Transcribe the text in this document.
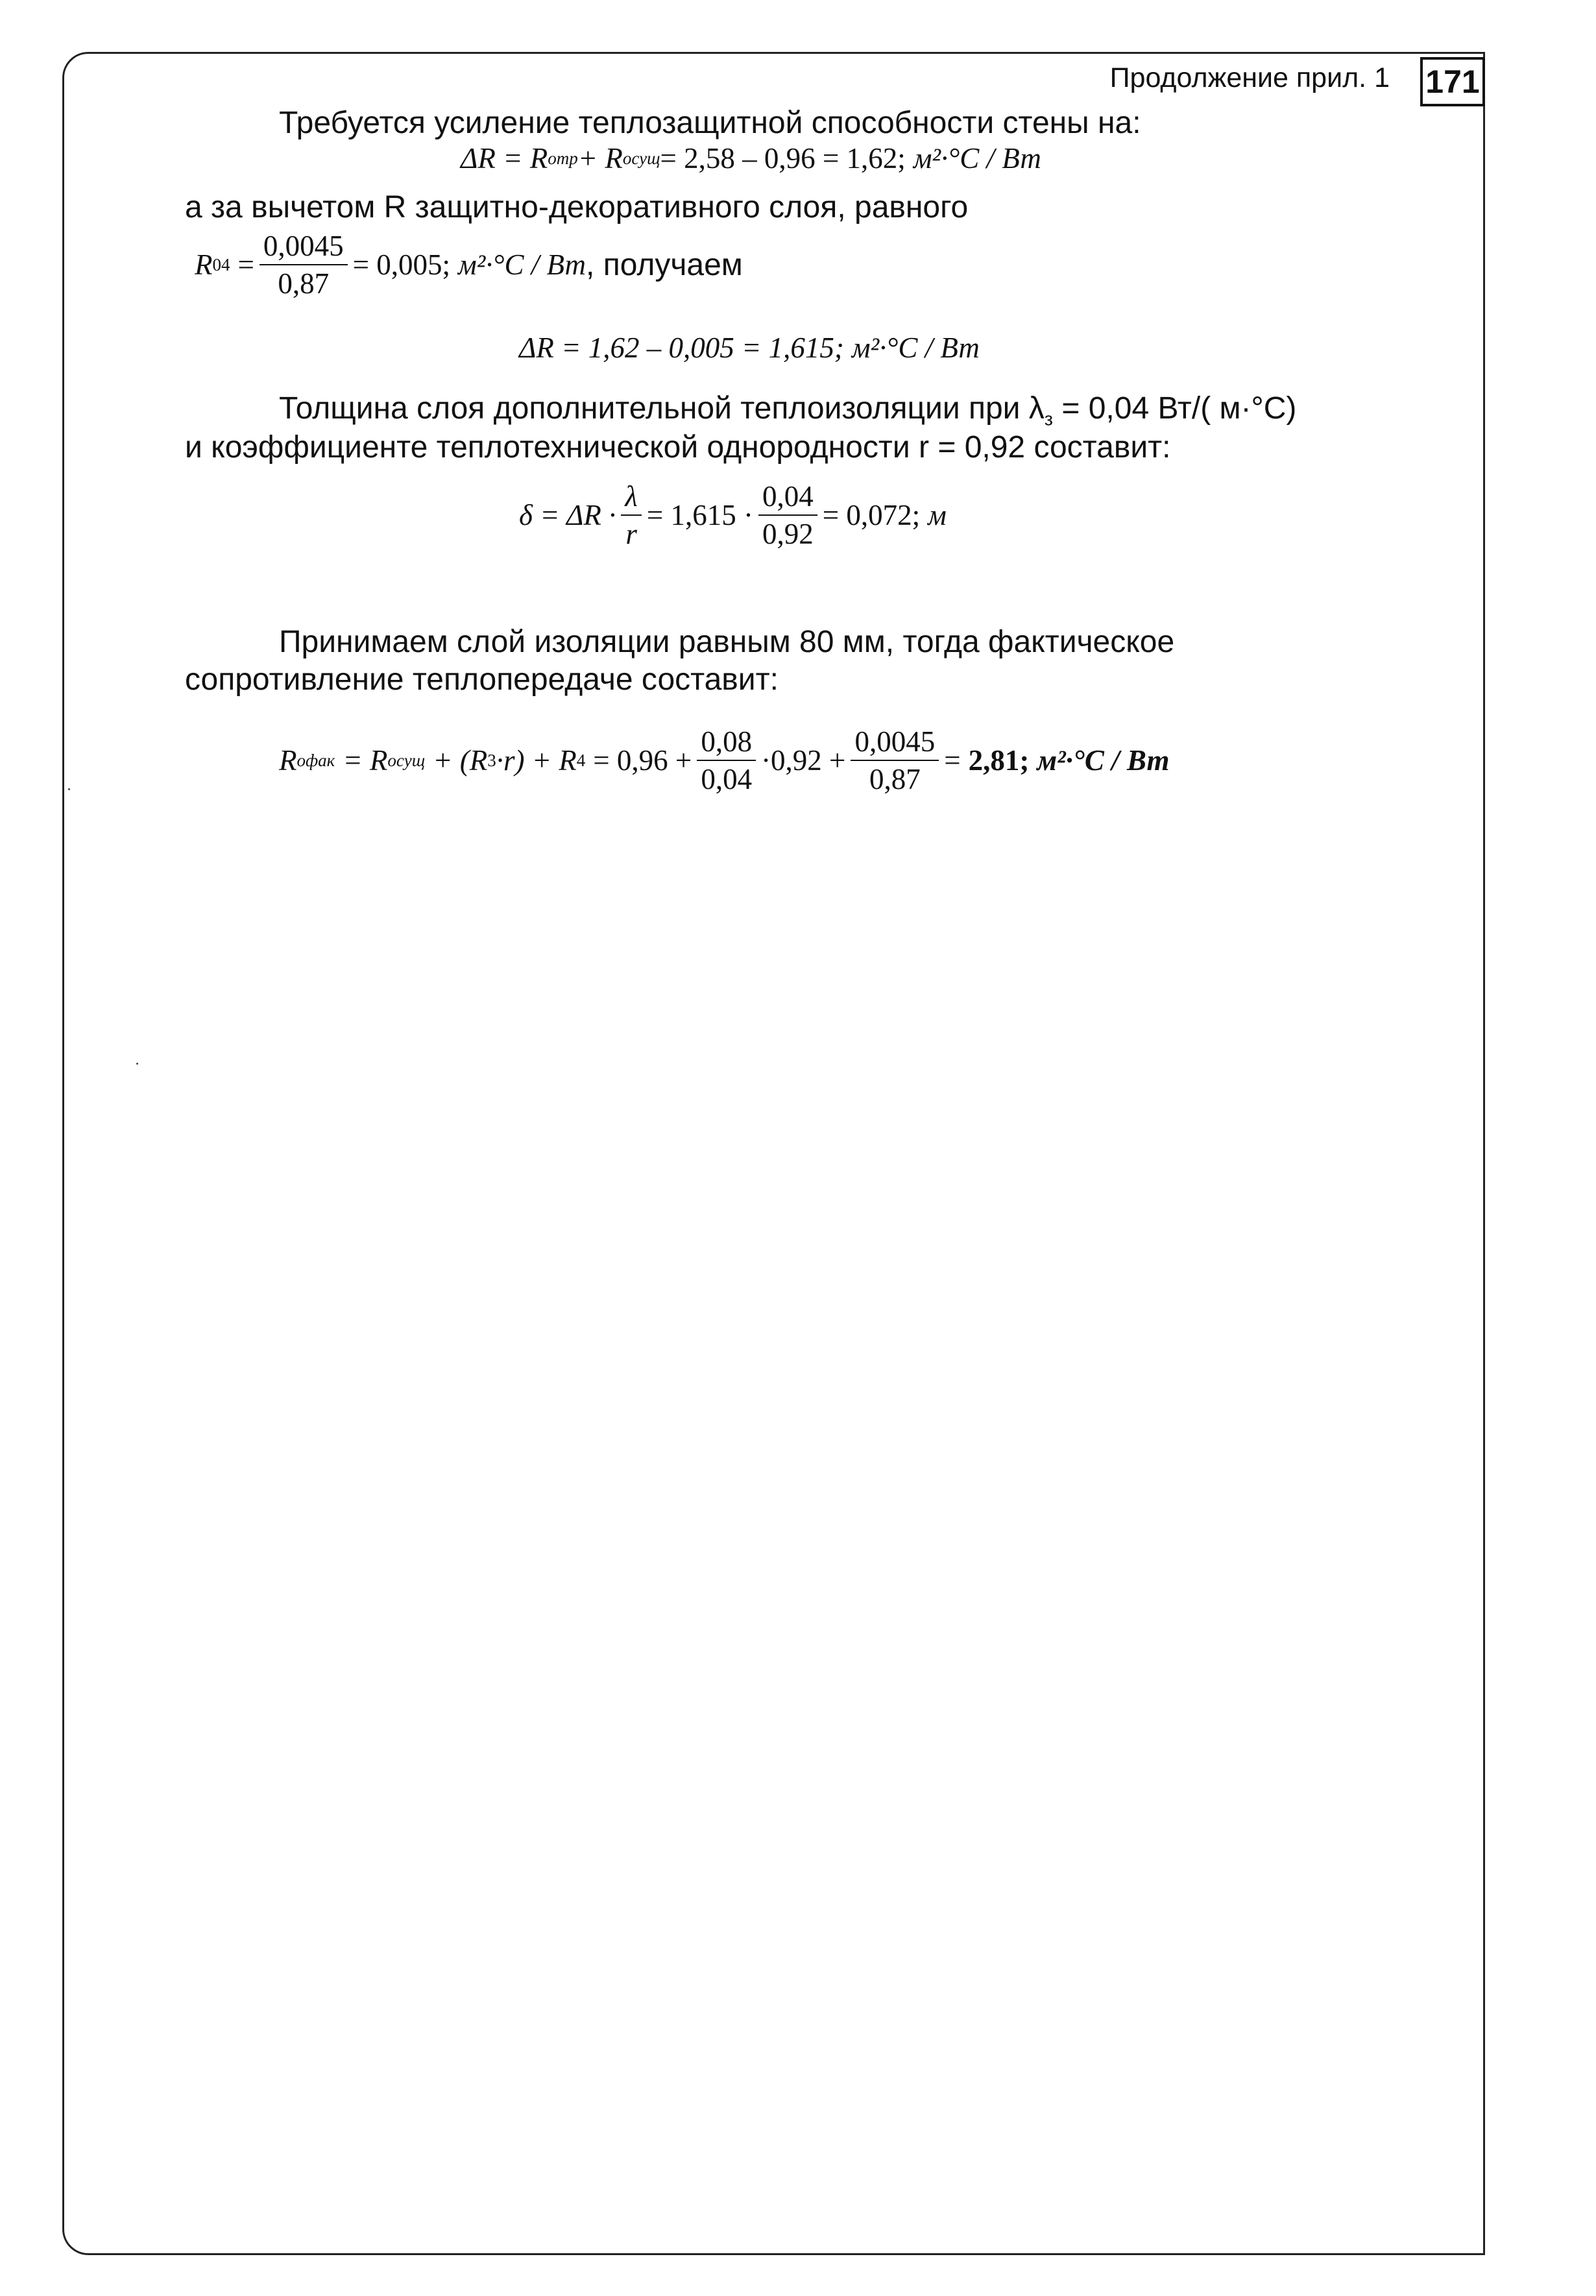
171
Продолжение прил. 1
Требуется усиление теплозащитной способности стены на:
ΔR = R о тр + R о сущ = 2,58 – 0,96 = 1,62; м²·°С / Вт
а за вычетом R защитно-декоративного слоя, равного
R $04 = \frac{0,0045}{0,87} = 0,005$; м²·°С / Вт , получаем
ΔR = 1,62 – 0,005 = 1,615; м²·°С / Вт
Толщина слоя дополнительной теплоизоляции при $\lambda_з = 0,04$ Вт/( м·°С)
и коэффициенте теплотехнической однородности r = 0,92 составит:
$\delta = \Delta R \cdot \frac{\lambda}{r} = 1,615 \cdot \frac{0,04}{0,92} = 0,072$; м
Принимаем слой изоляции равным 80 мм, тогда фактическое
сопротивление теплопередаче составит:
R о фак = R о сущ + (R 3 ·r) + R $4 = 0,96 + \frac{0,08}{0,04} \cdot 0,92 + \frac{0,0045}{0,87} = 2,81$; м²·°С / Вт
